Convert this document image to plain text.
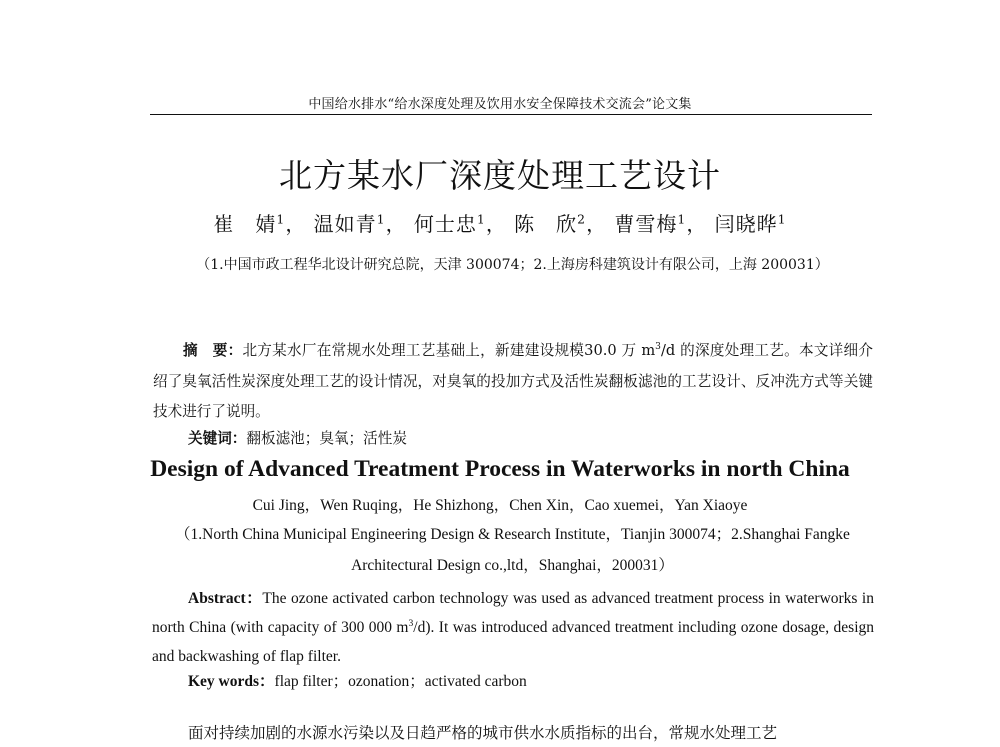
中国给水排水“给水深度处理及饮用水安全保障技术交流会”论文集
北方某水厂深度处理工艺设计
崔　婧$^1$， 温如青$^1$， 何士忠$^1$， 陈　欣$^2$， 曹雪梅$^1$， 闫晓晔$^1$
（1.中国市政工程华北设计研究总院，天津 300074；2.上海房科建筑设计有限公司，上海 200031）
摘　要：北方某水厂在常规水处理工艺基础上，新建建设规模30.0 万 $m^3/d$ 的深度处理工艺。本文详细介绍了臭氧活性炭深度处理工艺的设计情况，对臭氧的投加方式及活性炭翻板滤池的工艺设计、反冲洗方式等关键技术进行了说明。
关键词：翻板滤池；臭氧；活性炭
Design of Advanced Treatment Process in Waterworks in north China
Cui Jing，Wen Ruqing，He Shizhong，Chen Xin，Cao xuemei，Yan Xiaoye
（1.North China Municipal Engineering Design & Research Institute，Tianjin 300074；2.Shanghai Fangke Architectural Design co.,ltd，Shanghai，200031）
Abstract：The ozone activated carbon technology was used as advanced treatment process in waterworks in north China (with capacity of 300 000 $m^3/d$). It was introduced advanced treatment including ozone dosage, design and backwashing of flap filter.
Key words：flap filter；ozonation；activated carbon
面对持续加剧的水源水污染以及日趋严格的城市供水水质指标的出台，常规水处理工艺
